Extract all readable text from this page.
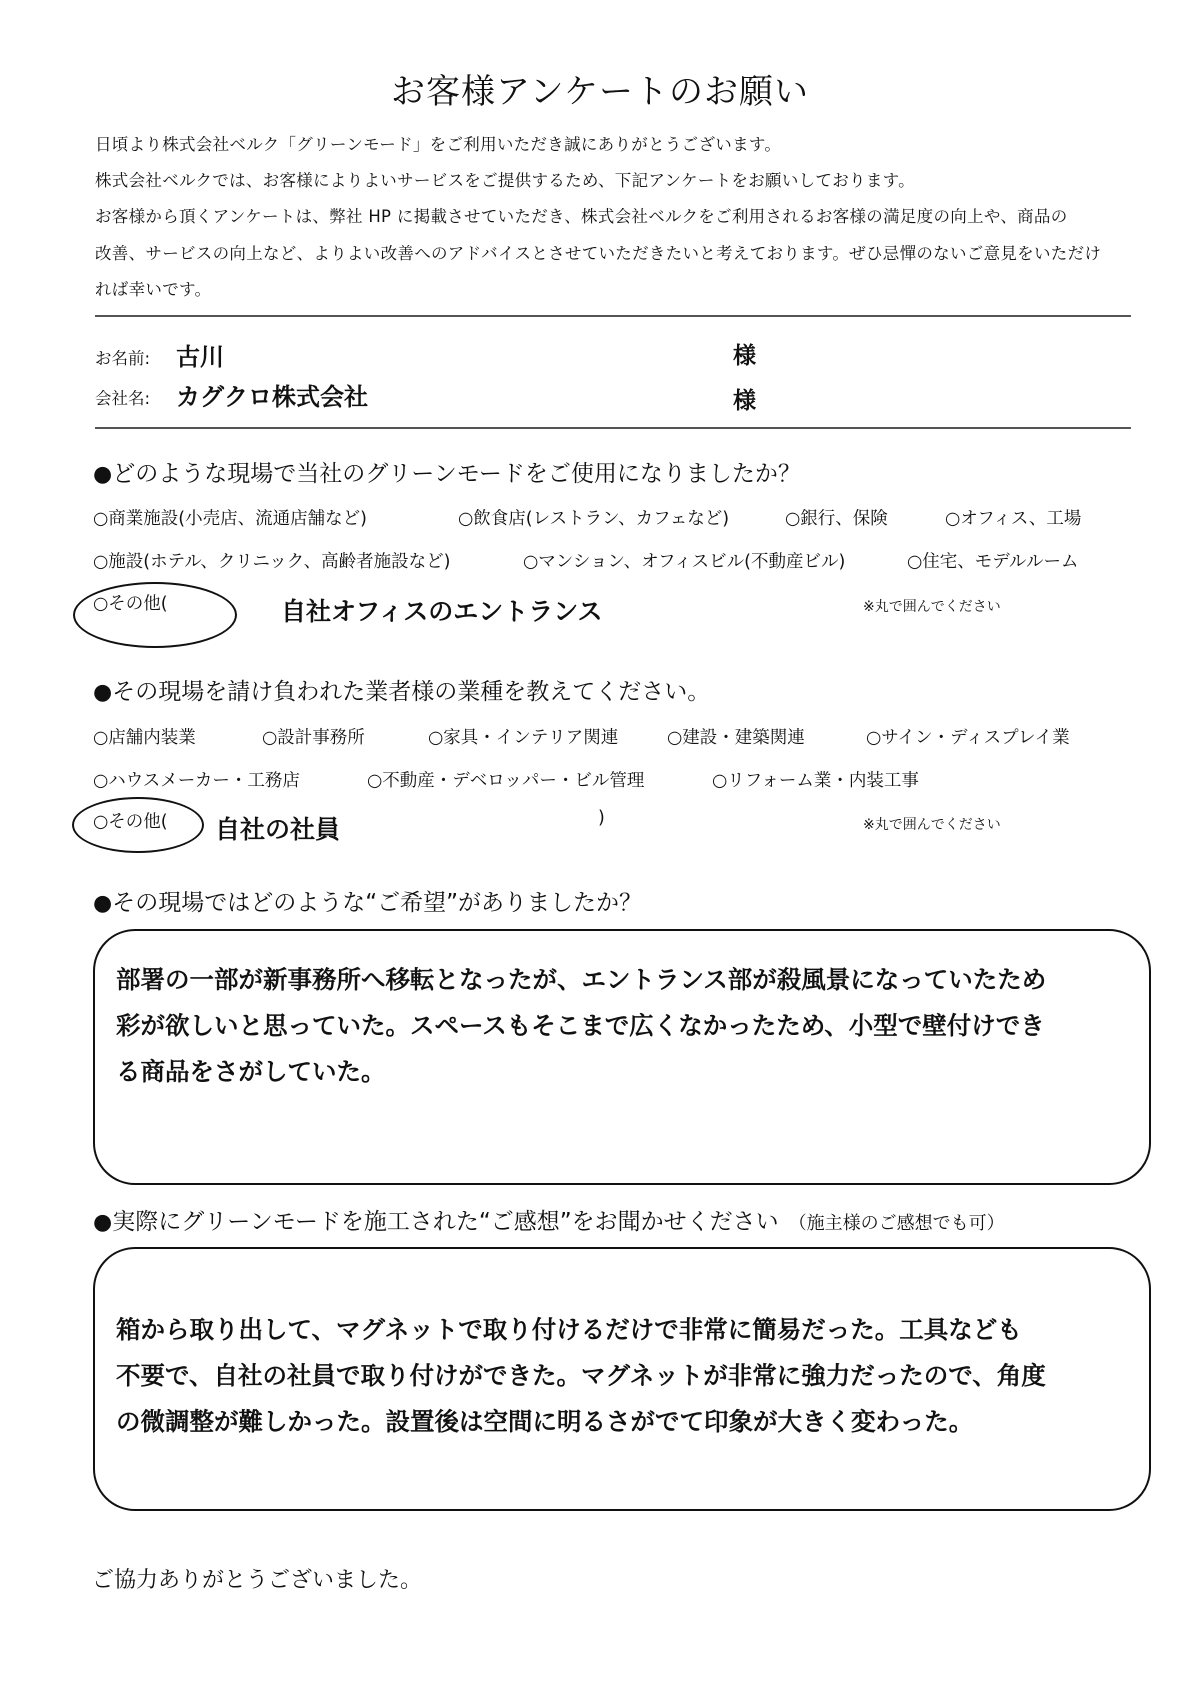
お客様アンケートのお願い
日頃より株式会社ベルク「グリーンモード」をご利用いただき誠にありがとうございます。
株式会社ベルクでは、お客様によりよいサービスをご提供するため、下記アンケートをお願いしております。
お客様から頂くアンケートは、弊社 HP に掲載させていただき、株式会社ベルクをご利用されるお客様の満足度の向上や、商品の
改善、サービスの向上など、よりよい改善へのアドバイスとさせていただきたいと考えております。ぜひ忌憚のないご意見をいただけ
れば幸いです。
お名前: 古川	様
会社名: カグクロ株式会社	様
●どのような現場で当社のグリーンモードをご使用になりましたか？
○商業施設(小売店、流通店舗など)	○飲食店(レストラン、カフェなど)	○銀行、保険	○オフィス、工場
○施設(ホテル、クリニック、高齢者施設など)	○マンション、オフィスビル(不動産ビル)	○住宅、モデルルーム
○その他(	自社オフィスのエントランス	※丸で囲んでください
●その現場を請け負われた業者様の業種を教えてください。
○店舗内装業	○設計事務所	○家具・インテリア関連	○建設・建築関連	○サイン・ディスプレイ業
○ハウスメーカー・工務店	○不動産・デベロッパー・ビル管理	○リフォーム業・内装工事
○その他( 自社の社員	)	※丸で囲んでください
●その現場ではどのような“ご希望”がありましたか？
部署の一部が新事務所へ移転となったが、エントランス部が殺風景になっていたため
彩が欲しいと思っていた。スペースもそこまで広くなかったため、小型で壁付けでき
る商品をさがしていた。
●実際にグリーンモードを施工された“ご感想”をお聞かせください （施主様のご感想でも可）
箱から取り出して、マグネットで取り付けるだけで非常に簡易だった。工具なども
不要で、自社の社員で取り付けができた。マグネットが非常に強力だったので、角度
の微調整が難しかった。設置後は空間に明るさがでて印象が大きく変わった。
ご協力ありがとうございました。
